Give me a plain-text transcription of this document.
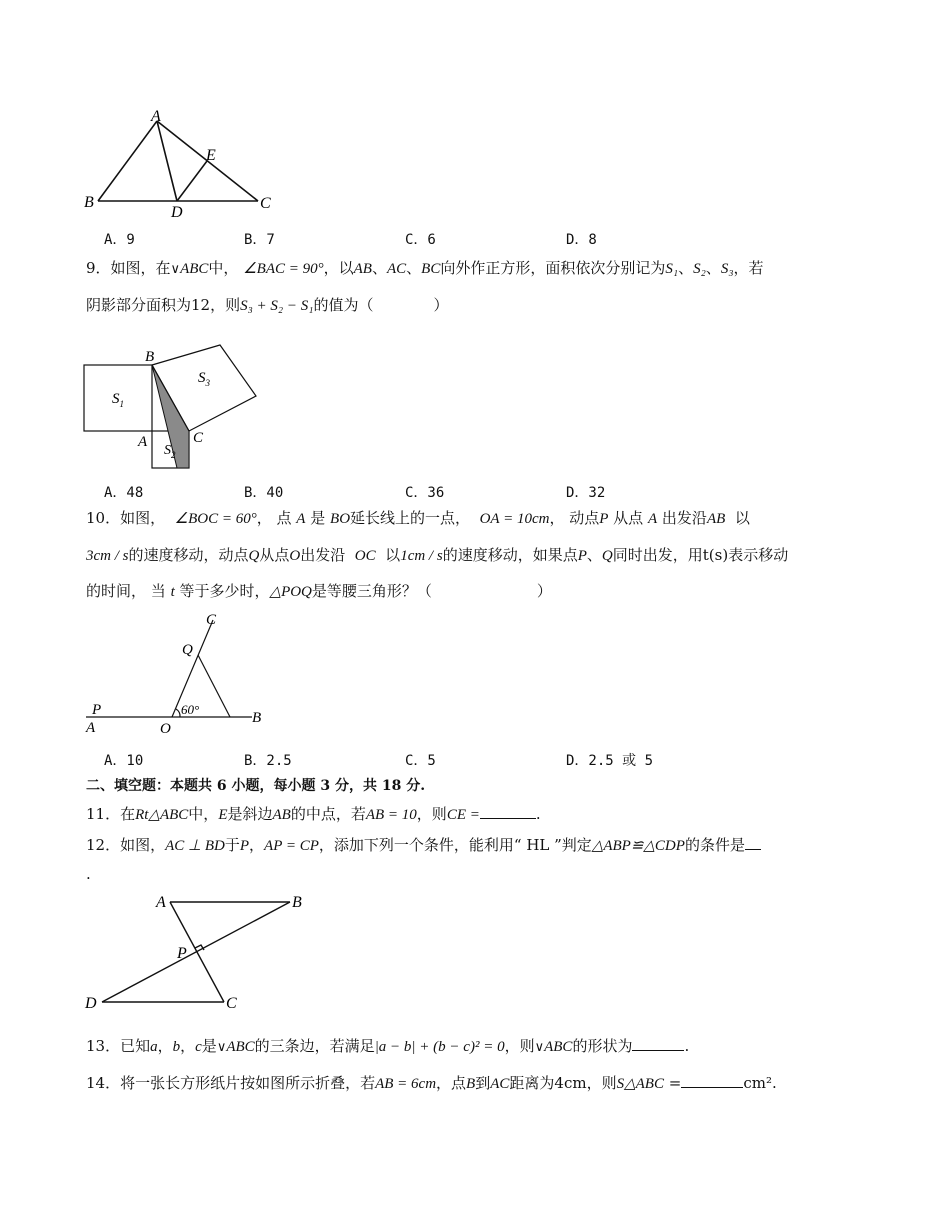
A
B	C
D
E
A．9	B．7	C．6	D．8
9．如图，在∨ABC中， ∠BAC = 90°，以AB、AC、BC向外作正方形，面积依次分别记为S₁、S₂、S₃，若
阴影部分面积为12，则S₃ + S₂ − S₁的值为（　　　　）
B
A	C
$S_1$
$S_2$
$S_3$
A．48	B．40	C．36	D．32
10．如图， ∠BOC = 60°， 点 A 是 BO延长线上的一点， OA = 10cm， 动点P 从点 A 出发沿AB 以
3cm / s的速度移动，动点Q从点O出发沿 OC 以1cm / s的速度移动，如果点P、Q同时出发，用t(s)表示移动
的时间， 当 t 等于多少时，△POQ是等腰三角形？（　　　　　　　）
C
Q
P
A	O
B
60°
A．10	B．2.5	C．5	D．2.5 或 5
二、填空题：本题共 6 小题，每小题 3 分，共 18 分.
11．在Rt△ABC中，E是斜边AB的中点，若AB = 10，则CE =	.
12．如图，AC ⊥ BD于P，AP = CP，添加下列一个条件，能利用“ HL ”判定△ABP≌△CDP的条件是
.
A	B
P
D	C
13．已知a，b，c是∨ABC的三条边，若满足|a − b| + (b − c)² = 0，则∨ABC的形状为	.
14．将一张长方形纸片按如图所示折叠，若AB = 6cm，点B到AC距离为4cm，则S△ABC =	cm².
